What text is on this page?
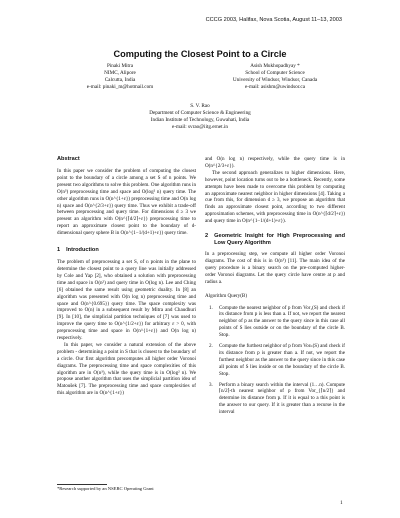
CCCG 2003, Halifax, Nova Scotia, August 11–13, 2003
Computing the Closest Point to a Circle
Pinaki Mitra
NIMC, Alipore
Calcutta, India
e-mail: pinaki_m@hotmail.com
Asish Mukhopadhyay *
School of Computer Science
University of Windsor, Windsor, Canada
e-mail: asishm@uwindsor.ca
S. V. Rao
Department of Computer Science & Engineering
Indian Institute of Technology, Guwahati, India
e-mail: svrao@iitg.ernet.in

Abstract

In this paper we consider the problem of computing the closest point to the boundary of a circle among a set S of n points. We present two algorithms to solve this problem. One algorithm runs in O(n³) preprocessing time and space and O(log² n) query time. The other algorithm runs in O(n^{1+ε}) preprocessing time and O(n log n) space and O(n^{2/3+ε}) query time. Thus we exhibit a trade-off between preprocessing and query time. For dimensions d ≥ 3 we present an algorithm with O(n^{⌈d/2⌉+ε}) preprocessing time to report an approximate closest point to the boundary of d-dimensional query sphere B in O(n^{1−1/(d+1)+ε}) query time.

1 Introduction

The problem of preprocessing a set S, of n points in the plane to determine the closest point to a query line was initially addressed by Cole and Yap [2], who obtained a solution with preprocessing time and space in O(n²) and query time in O(log n). Lee and Ching [6] obtained the same result using geometric duality. In [8] an algorithm was presented with O(n log n) preprocessing time and space and O(n^{0.695}) query time. The space complexity was improved to O(n) in a subsequent result by Mitra and Chaudhuri [9]. In [10], the simplicial partition techniques of [7] was used to improve the query time to O(n^{1/2+ε}) for arbitrary ε > 0, with preprocessing time and space in O(n^{1+ε}) and O(n log n) respectively.

In this paper, we consider a natural extension of the above problem - determining a point in S that is closest to the boundary of a circle. Our first algorithm precomputes all higher order Voronoi diagrams. The preprocessing time and space complexities of this algorithm are in O(n³), while the query time is in O(log² n). We propose another algorithm that uses the simplicial partition idea of Matoušek [7]. The preprocessing time and space complexities of this algorithm are in O(n^{1+ε})

*Research supported by an NSERC Operating Grant

and O(n log n) respectively, while the query time is in O(n^{2/3+ε}).

The second approach generalizes to higher dimensions. Here, however, point location turns out to be a bottleneck. Recently, some attempts have been made to overcome this problem by computing an approximate nearest neighbor in higher dimensions [4]. Taking a cue from this, for dimension d ≥ 3, we propose an algorithm that finds an approximate closest point, according to two different approximation schemes, with preprocessing time in O(n^{⌈d/2⌉+ε}) and query time in O(n^{1−1/(d+1)+ε}).

2 Geometric Insight for High Preprocessing and Low Query Algorithm

In a preprocessing step, we compute all higher order Voronoi diagrams. The cost of this is in O(n³) [11]. The main idea of the query procedure is a binary search on the pre-computed higher-order Voronoi diagrams. Let the query circle have centre at p and radius a.

Algorithm Query(B)

1.	Compute the nearest neighbor of p from Vor₁(S) and check if its distance from p is less than a. If not, we report the nearest neighbor of p as the answer to the query since in this case all points of S lies outside or on the boundary of the circle B. Stop.
2.	Compute the furthest neighbor of p from Vorₙ(S) and check if its distance from p is greater than a. If not, we report the furthest neighbor as the answer to the query since in this case all points of S lies inside or on the boundary of the circle B. Stop.
3.	Perform a binary search within the interval (1…n). Compute ⌈n/2⌉-th nearest neighbor of p from Vor_{⌈n/2⌉} and determine its distance from p. If it is equal to a this point is the answer to our query. If it is greater than a recurse in the interval
1
